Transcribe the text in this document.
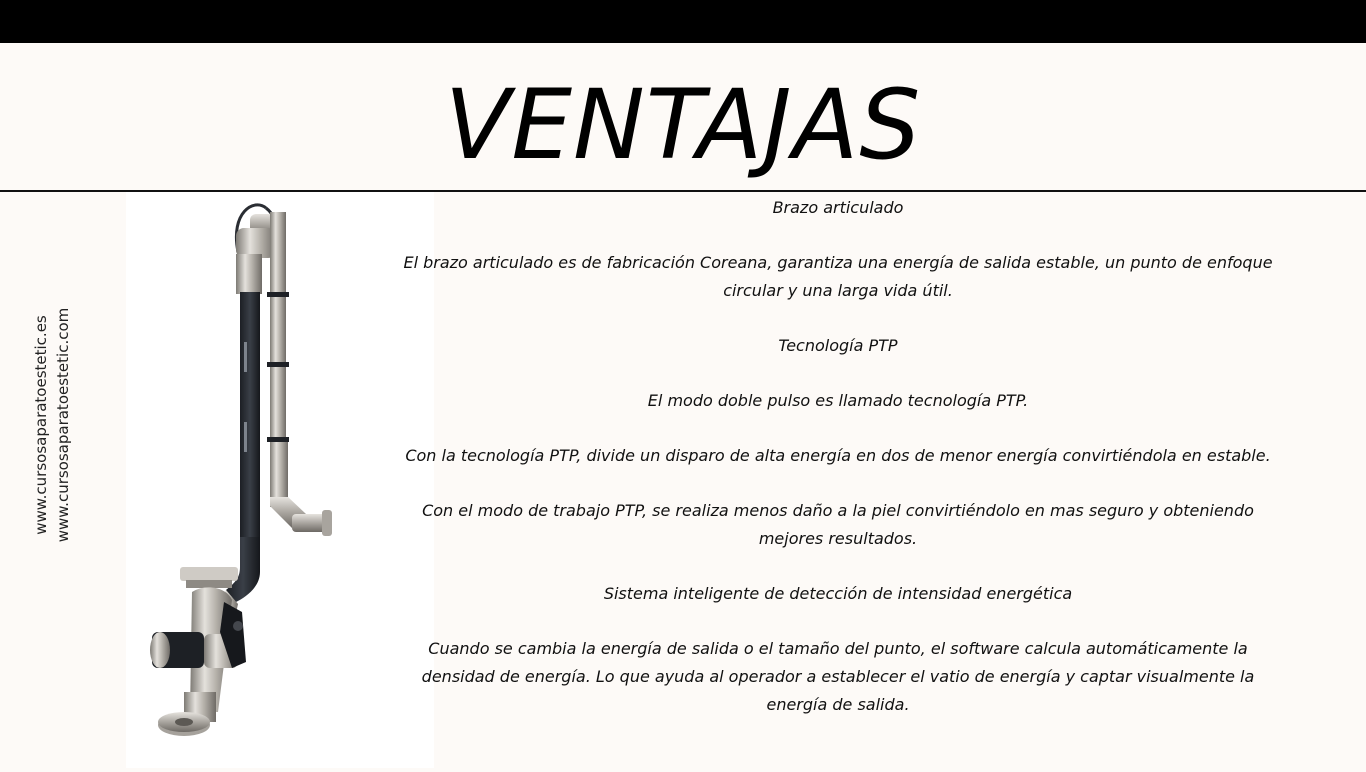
VENTAJAS
www.cursosaparatoestetic.es www.cursosaparatoestetic.com

Brazo articulado

El brazo articulado es de fabricación Coreana, garantiza una energía de salida estable, un punto de enfoque circular y una larga vida útil.

Tecnología PTP

El modo doble pulso es llamado tecnología PTP.

Con la tecnología PTP, divide un disparo de alta energía en dos de menor energía convirtiéndola en estable.

Con el modo de trabajo PTP, se realiza menos daño a la piel convirtiéndolo en mas seguro y obteniendo mejores resultados.

Sistema inteligente de detección de intensidad energética

Cuando se cambia la energía de salida o el tamaño del punto, el software calcula automáticamente la densidad de energía. Lo que ayuda al operador a establecer el vatio de energía y captar visualmente la energía de salida.
